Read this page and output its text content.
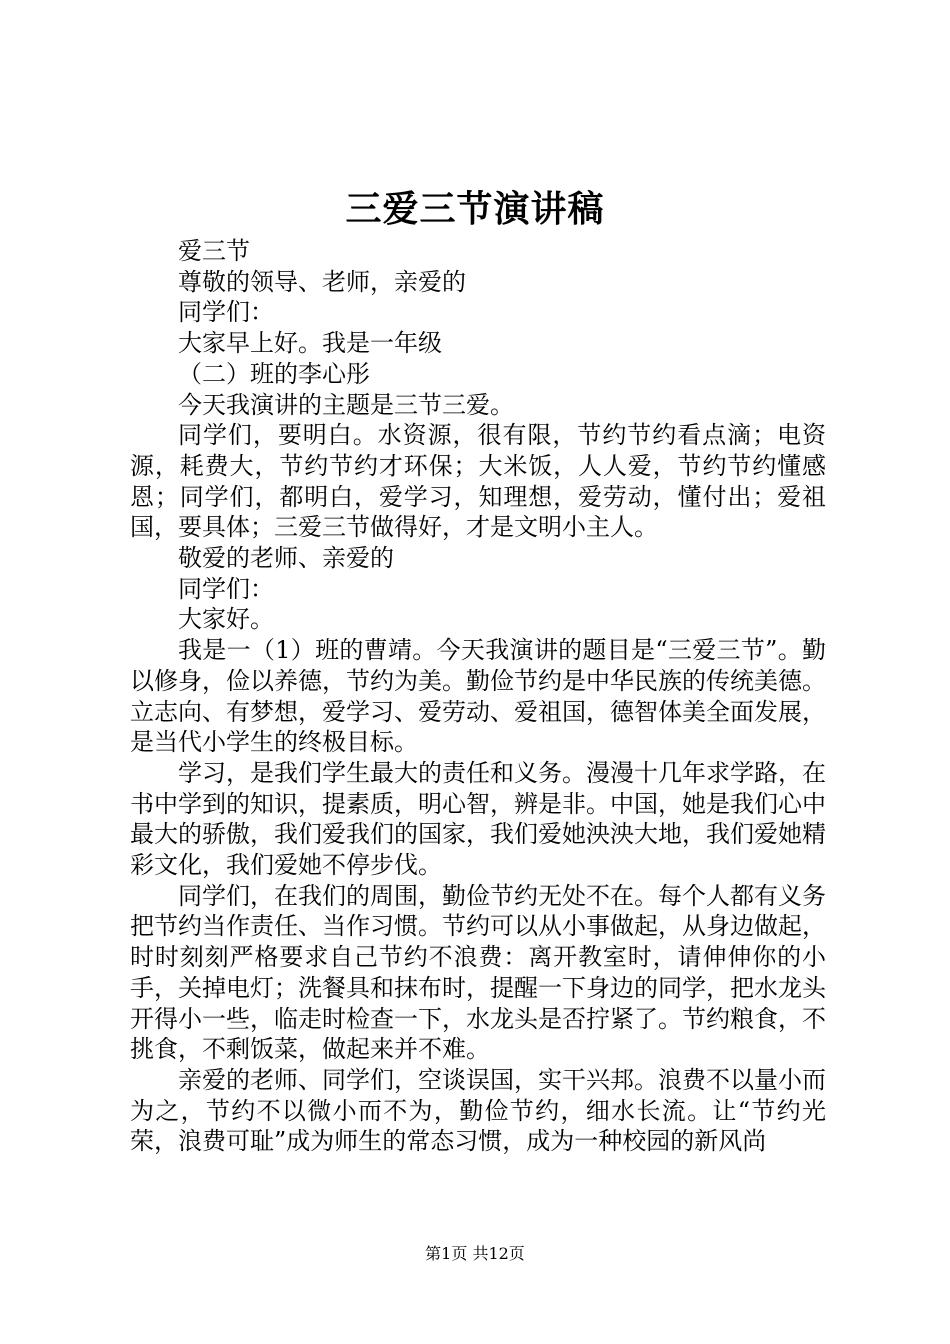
三爱三节演讲稿

爱三节

尊敬的领导、老师，亲爱的

同学们：

大家早上好。我是一年级

（二）班的李心彤

今天我演讲的主题是三节三爱。

同学们，要明白。水资源，很有限，节约节约看点滴；电资源，耗费大，节约节约才环保；大米饭，人人爱，节约节约懂感恩；同学们，都明白，爱学习，知理想，爱劳动，懂付出；爱祖国，要具体；三爱三节做得好，才是文明小主人。

敬爱的老师、亲爱的

同学们：

大家好。

我是一（1）班的曹靖。今天我演讲的题目是“三爱三节”。勤以修身，俭以养德，节约为美。勤俭节约是中华民族的传统美德。立志向、有梦想，爱学习、爱劳动、爱祖国，德智体美全面发展，是当代小学生的终极目标。

学习，是我们学生最大的责任和义务。漫漫十几年求学路，在书中学到的知识，提素质，明心智，辨是非。中国，她是我们心中最大的骄傲，我们爱我们的国家，我们爱她泱泱大地，我们爱她精彩文化，我们爱她不停步伐。

同学们，在我们的周围，勤俭节约无处不在。每个人都有义务把节约当作责任、当作习惯。节约可以从小事做起，从身边做起，时时刻刻严格要求自己节约不浪费：离开教室时，请伸伸你的小手，关掉电灯；洗餐具和抹布时，提醒一下身边的同学，把水龙头开得小一些，临走时检查一下，水龙头是否拧紧了。节约粮食，不挑食，不剩饭菜，做起来并不难。

亲爱的老师、同学们，空谈误国，实干兴邦。浪费不以量小而为之，节约不以微小而不为，勤俭节约，细水长流。让“节约光荣，浪费可耻”成为师生的常态习惯，成为一种校园的新风尚

第1页 共12页
